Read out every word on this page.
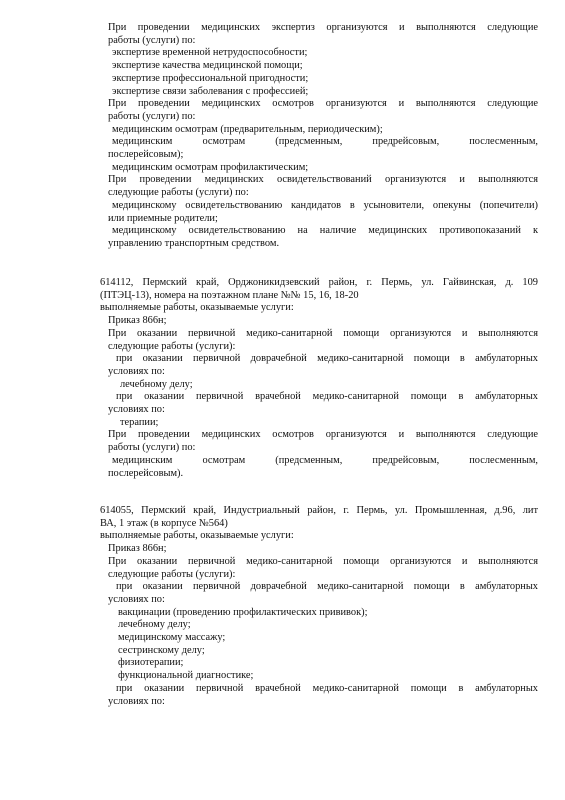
При проведении медицинских экспертиз организуются и выполняются следующие
работы (услуги) по:
экспертизе временной нетрудоспособности;
экспертизе качества медицинской помощи;
экспертизе профессиональной пригодности;
экспертизе связи заболевания с профессией;
При проведении медицинских осмотров организуются и выполняются следующие
работы (услуги) по:
медицинским осмотрам (предварительным, периодическим);
медицинским осмотрам (предсменным, предрейсовым, послесменным,
послерейсовым);
медицинским осмотрам профилактическим;
При проведении медицинских освидетельствований организуются и выполняются
следующие работы (услуги) по:
медицинскому освидетельствованию кандидатов в усыновители, опекуны (попечители)
или приемные родители;
медицинскому освидетельствованию на наличие медицинских противопоказаний к
управлению транспортным средством.
614112, Пермский край, Орджоникидзевский район, г. Пермь, ул. Гайвинская, д. 109
(ПТЭЦ-13), номера на поэтажном плане №№ 15, 16, 18-20
выполняемые работы, оказываемые услуги:
Приказ 866н;
При оказании первичной медико-санитарной помощи организуются и выполняются
следующие работы (услуги):
при оказании первичной доврачебной медико-санитарной помощи в амбулаторных
условиях по:
лечебному делу;
при оказании первичной врачебной медико-санитарной помощи в амбулаторных
условиях по:
терапии;
При проведении медицинских осмотров организуются и выполняются следующие
работы (услуги) по:
медицинским осмотрам (предсменным, предрейсовым, послесменным,
послерейсовым).
614055, Пермский край, Индустриальный район, г. Пермь, ул. Промышленная, д.96, лит
ВА, 1 этаж (в корпусе №564)
выполняемые работы, оказываемые услуги:
Приказ 866н;
При оказании первичной медико-санитарной помощи организуются и выполняются
следующие работы (услуги):
при оказании первичной доврачебной медико-санитарной помощи в амбулаторных
условиях по:
вакцинации (проведению профилактических прививок);
лечебному делу;
медицинскому массажу;
сестринскому делу;
физиотерапии;
функциональной диагностике;
при оказании первичной врачебной медико-санитарной помощи в амбулаторных
условиях по:
